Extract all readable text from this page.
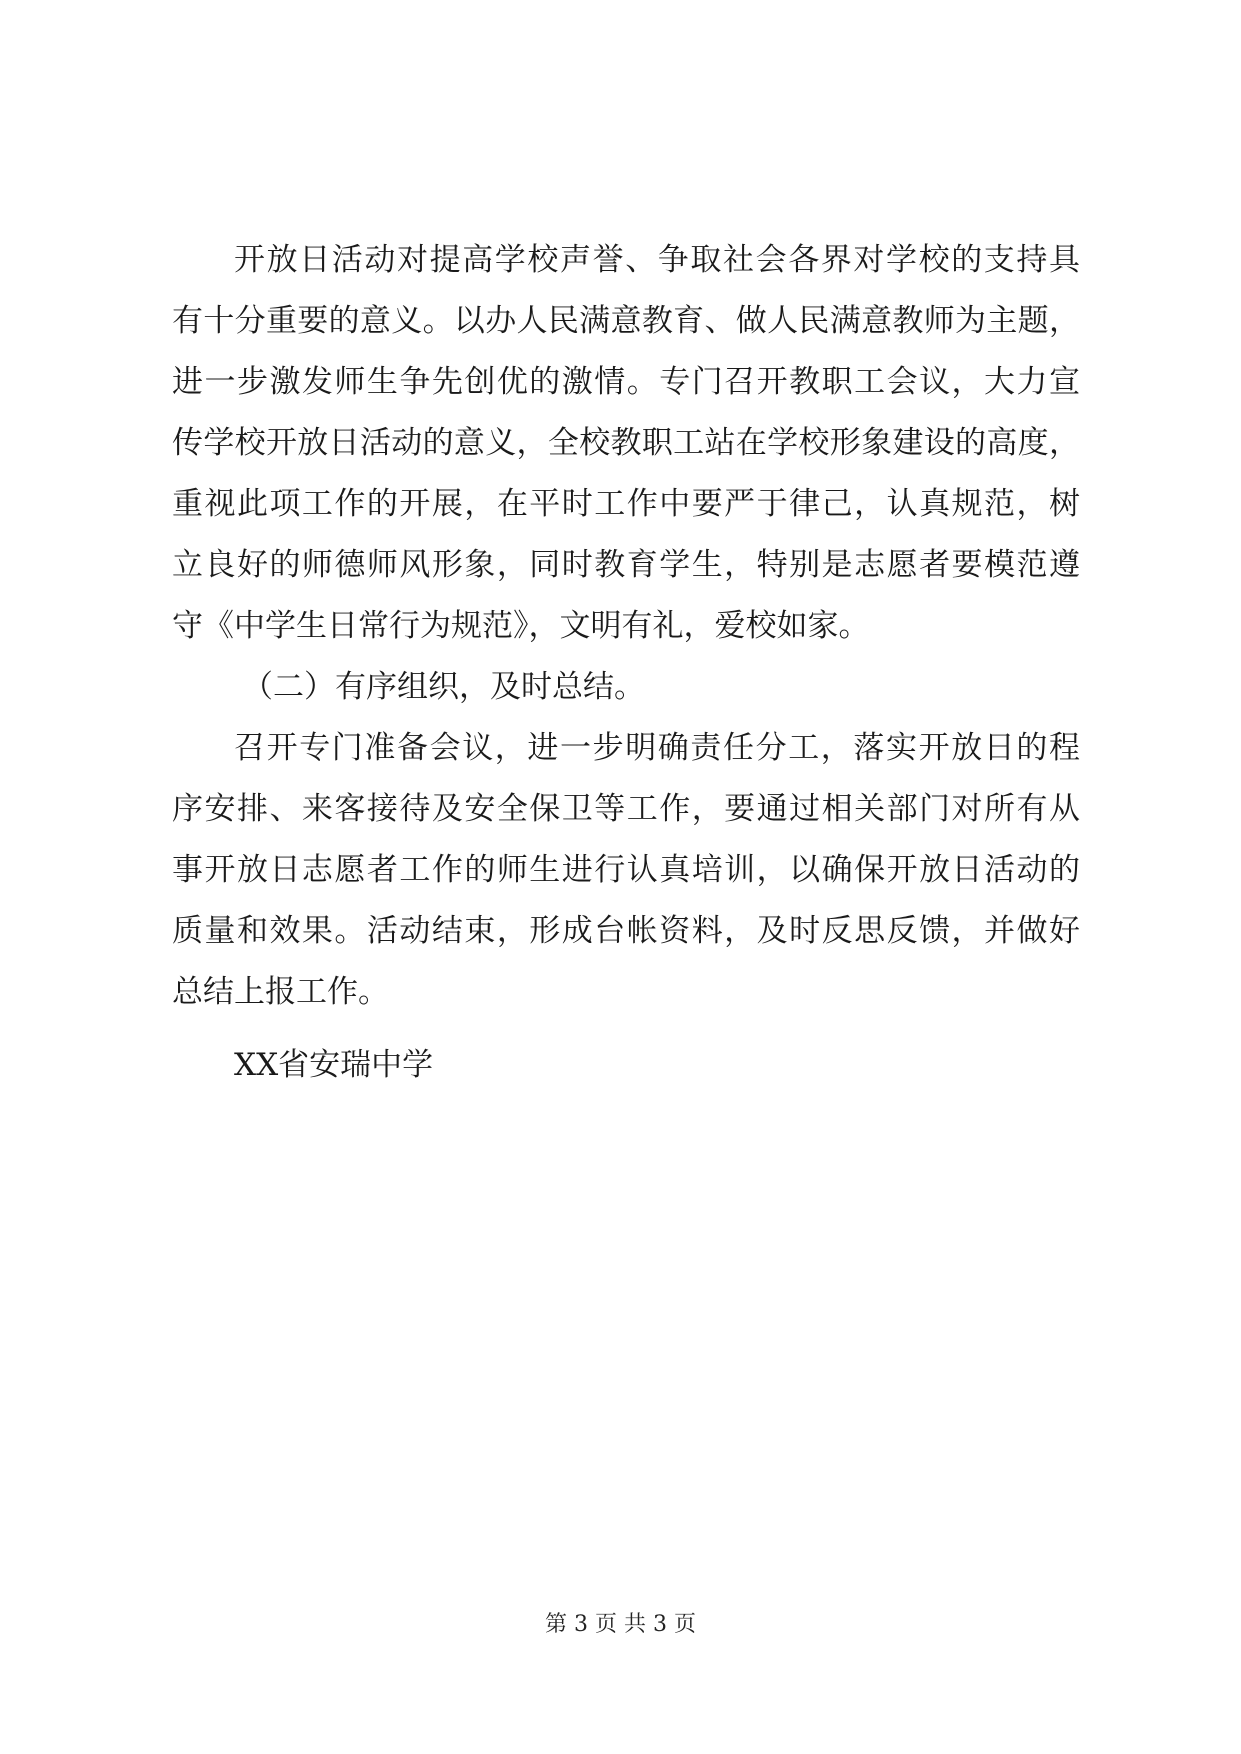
开放日活动对提高学校声誉、争取社会各界对学校的支持具
有十分重要的意义。以办人民满意教育、做人民满意教师为主题，
进一步激发师生争先创优的激情。专门召开教职工会议，大力宣
传学校开放日活动的意义，全校教职工站在学校形象建设的高度，
重视此项工作的开展，在平时工作中要严于律己，认真规范，树
立良好的师德师风形象，同时教育学生，特别是志愿者要模范遵
守《中学生日常行为规范》，文明有礼，爱校如家。
（二）有序组织，及时总结。
召开专门准备会议，进一步明确责任分工，落实开放日的程
序安排、来客接待及安全保卫等工作，要通过相关部门对所有从
事开放日志愿者工作的师生进行认真培训，以确保开放日活动的
质量和效果。活动结束，形成台帐资料，及时反思反馈，并做好
总结上报工作。
XX省安瑞中学
第 3 页 共 3 页
